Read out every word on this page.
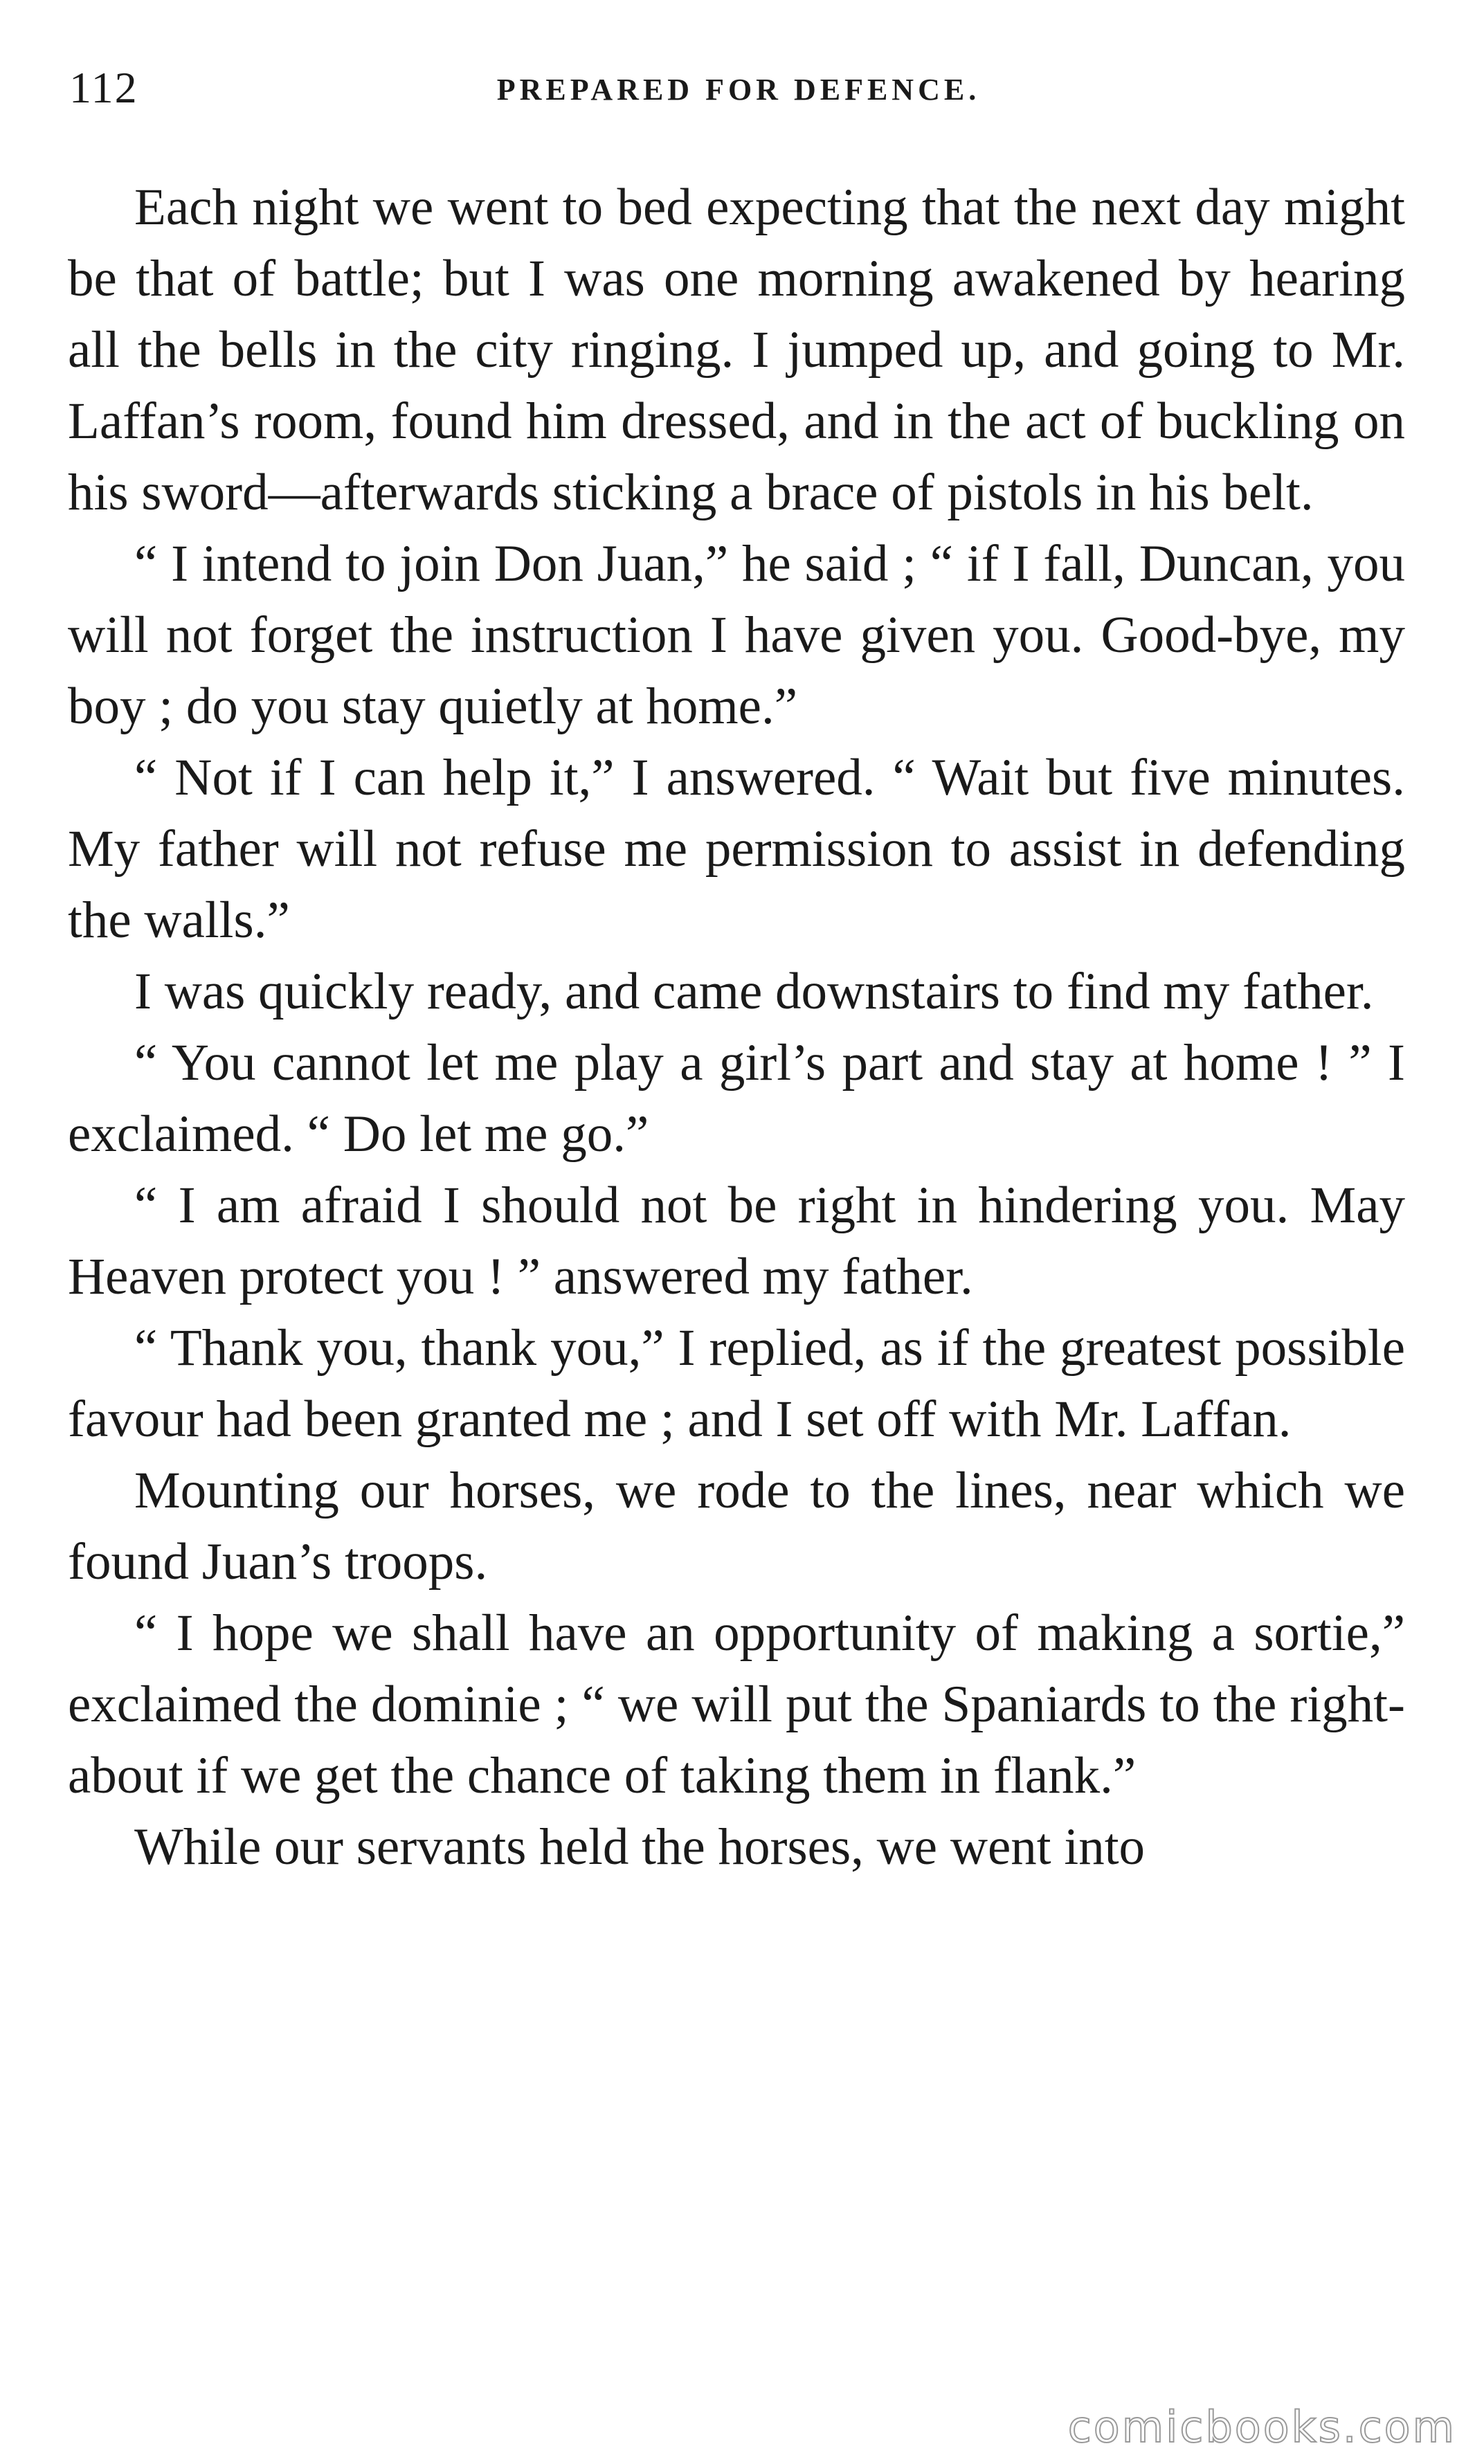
112	PREPARED FOR DEFENCE.

Each night we went to bed expecting that the next day might be that of battle; but I was one morning awakened by hearing all the bells in the city ringing. I jumped up, and going to Mr. Laffan’s room, found him dressed, and in the act of buckling on his sword—afterwards sticking a brace of pistols in his belt.

“ I intend to join Don Juan,” he said ; “ if I fall, Duncan, you will not forget the instruction I have given you. Good-bye, my boy ; do you stay quietly at home.”

“ Not if I can help it,” I answered. “ Wait but five minutes. My father will not refuse me permission to assist in defending the walls.”

I was quickly ready, and came downstairs to find my father.

“ You cannot let me play a girl’s part and stay at home ! ” I exclaimed. “ Do let me go.”

“ I am afraid I should not be right in hindering you. May Heaven protect you ! ” answered my father.

“ Thank you, thank you,” I replied, as if the greatest possible favour had been granted me ; and I set off with Mr. Laffan.

Mounting our horses, we rode to the lines, near which we found Juan’s troops.

“ I hope we shall have an opportunity of making a sortie,” exclaimed the dominie ; “ we will put the Spaniards to the right-about if we get the chance of taking them in flank.”

While our servants held the horses, we went into

comicbooks.com
